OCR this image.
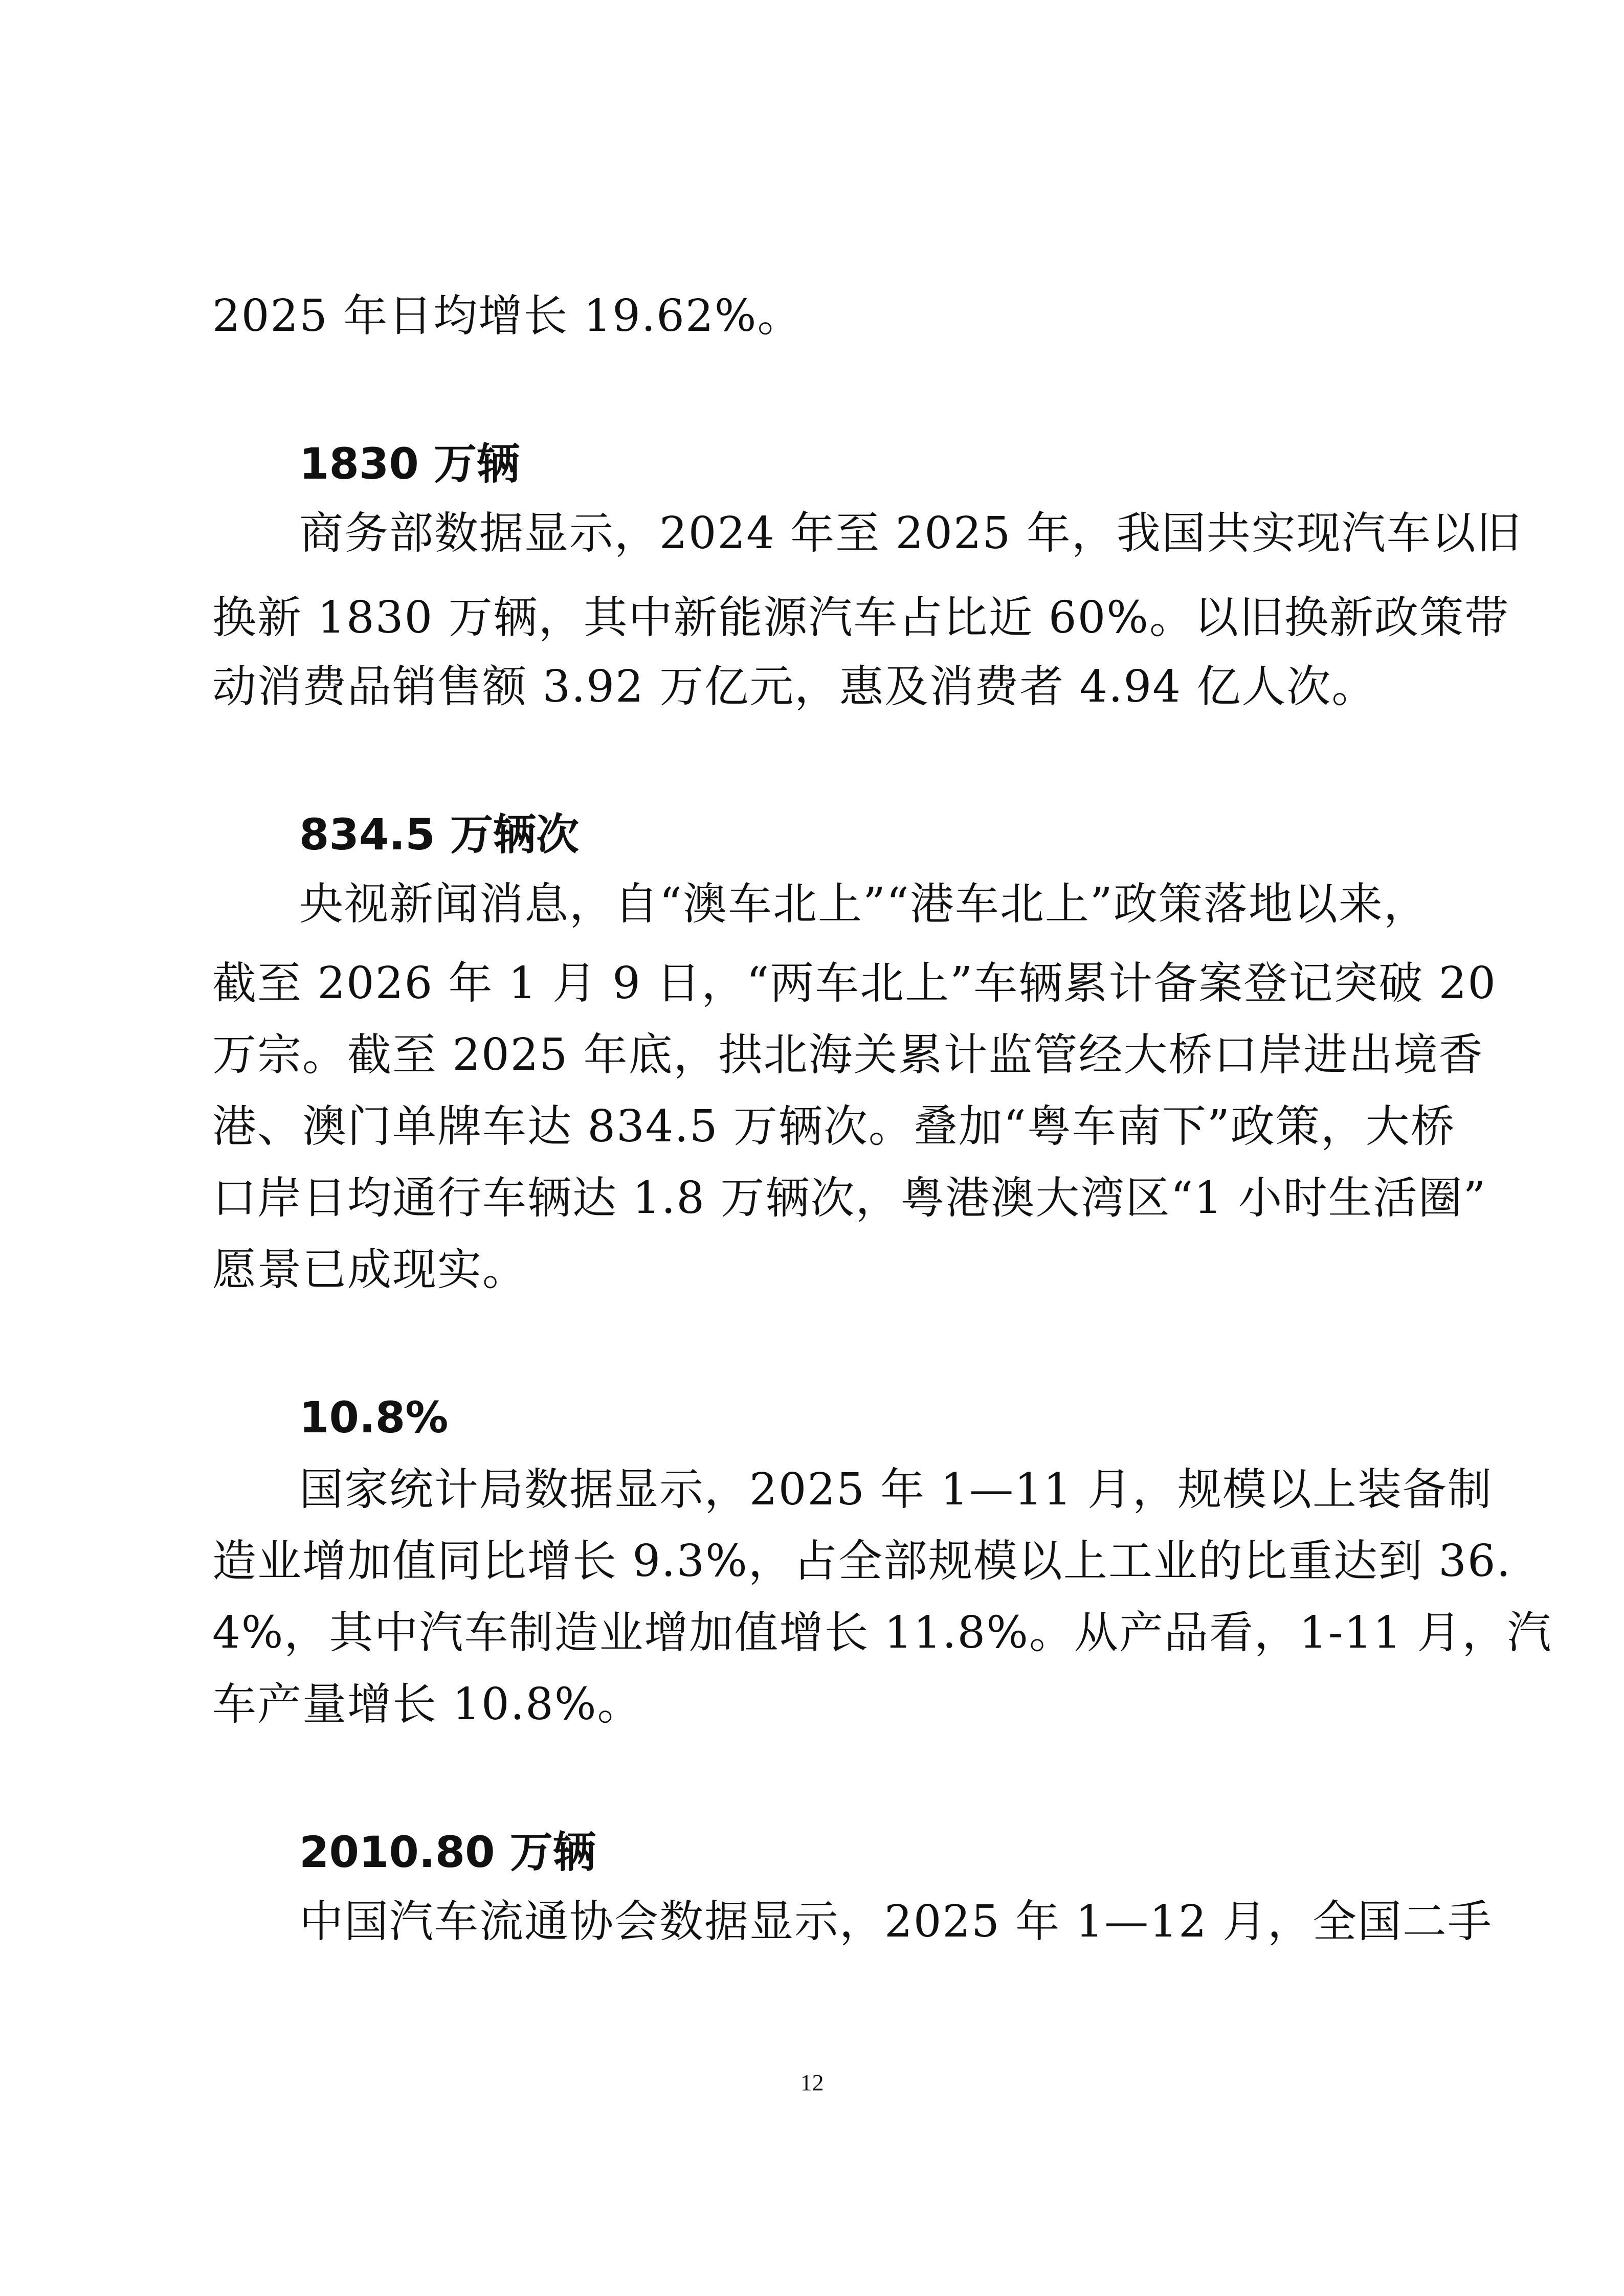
2025 年日均增长 19.62%。
1830 万辆
商务部数据显示，2024 年至 2025 年，我国共实现汽车以旧
换新 1830 万辆，其中新能源汽车占比近 60%。以旧换新政策带
动消费品销售额 3.92 万亿元，惠及消费者 4.94 亿人次。
834.5 万辆次
央视新闻消息，自“澳车北上”“港车北上”政策落地以来，
截至 2026 年 1 月 9 日，“两车北上”车辆累计备案登记突破 20
万宗。截至 2025 年底，拱北海关累计监管经大桥口岸进出境香
港、澳门单牌车达 834.5 万辆次。叠加“粤车南下”政策，大桥
口岸日均通行车辆达 1.8 万辆次，粤港澳大湾区“1 小时生活圈”
愿景已成现实。
10.8%
国家统计局数据显示，2025 年 1—11 月，规模以上装备制
造业增加值同比增长 9.3%，占全部规模以上工业的比重达到 36.
4%，其中汽车制造业增加值增长 11.8%。从产品看，1-11 月，汽
车产量增长 10.8%。
2010.80 万辆
中国汽车流通协会数据显示，2025 年 1—12 月，全国二手
12
